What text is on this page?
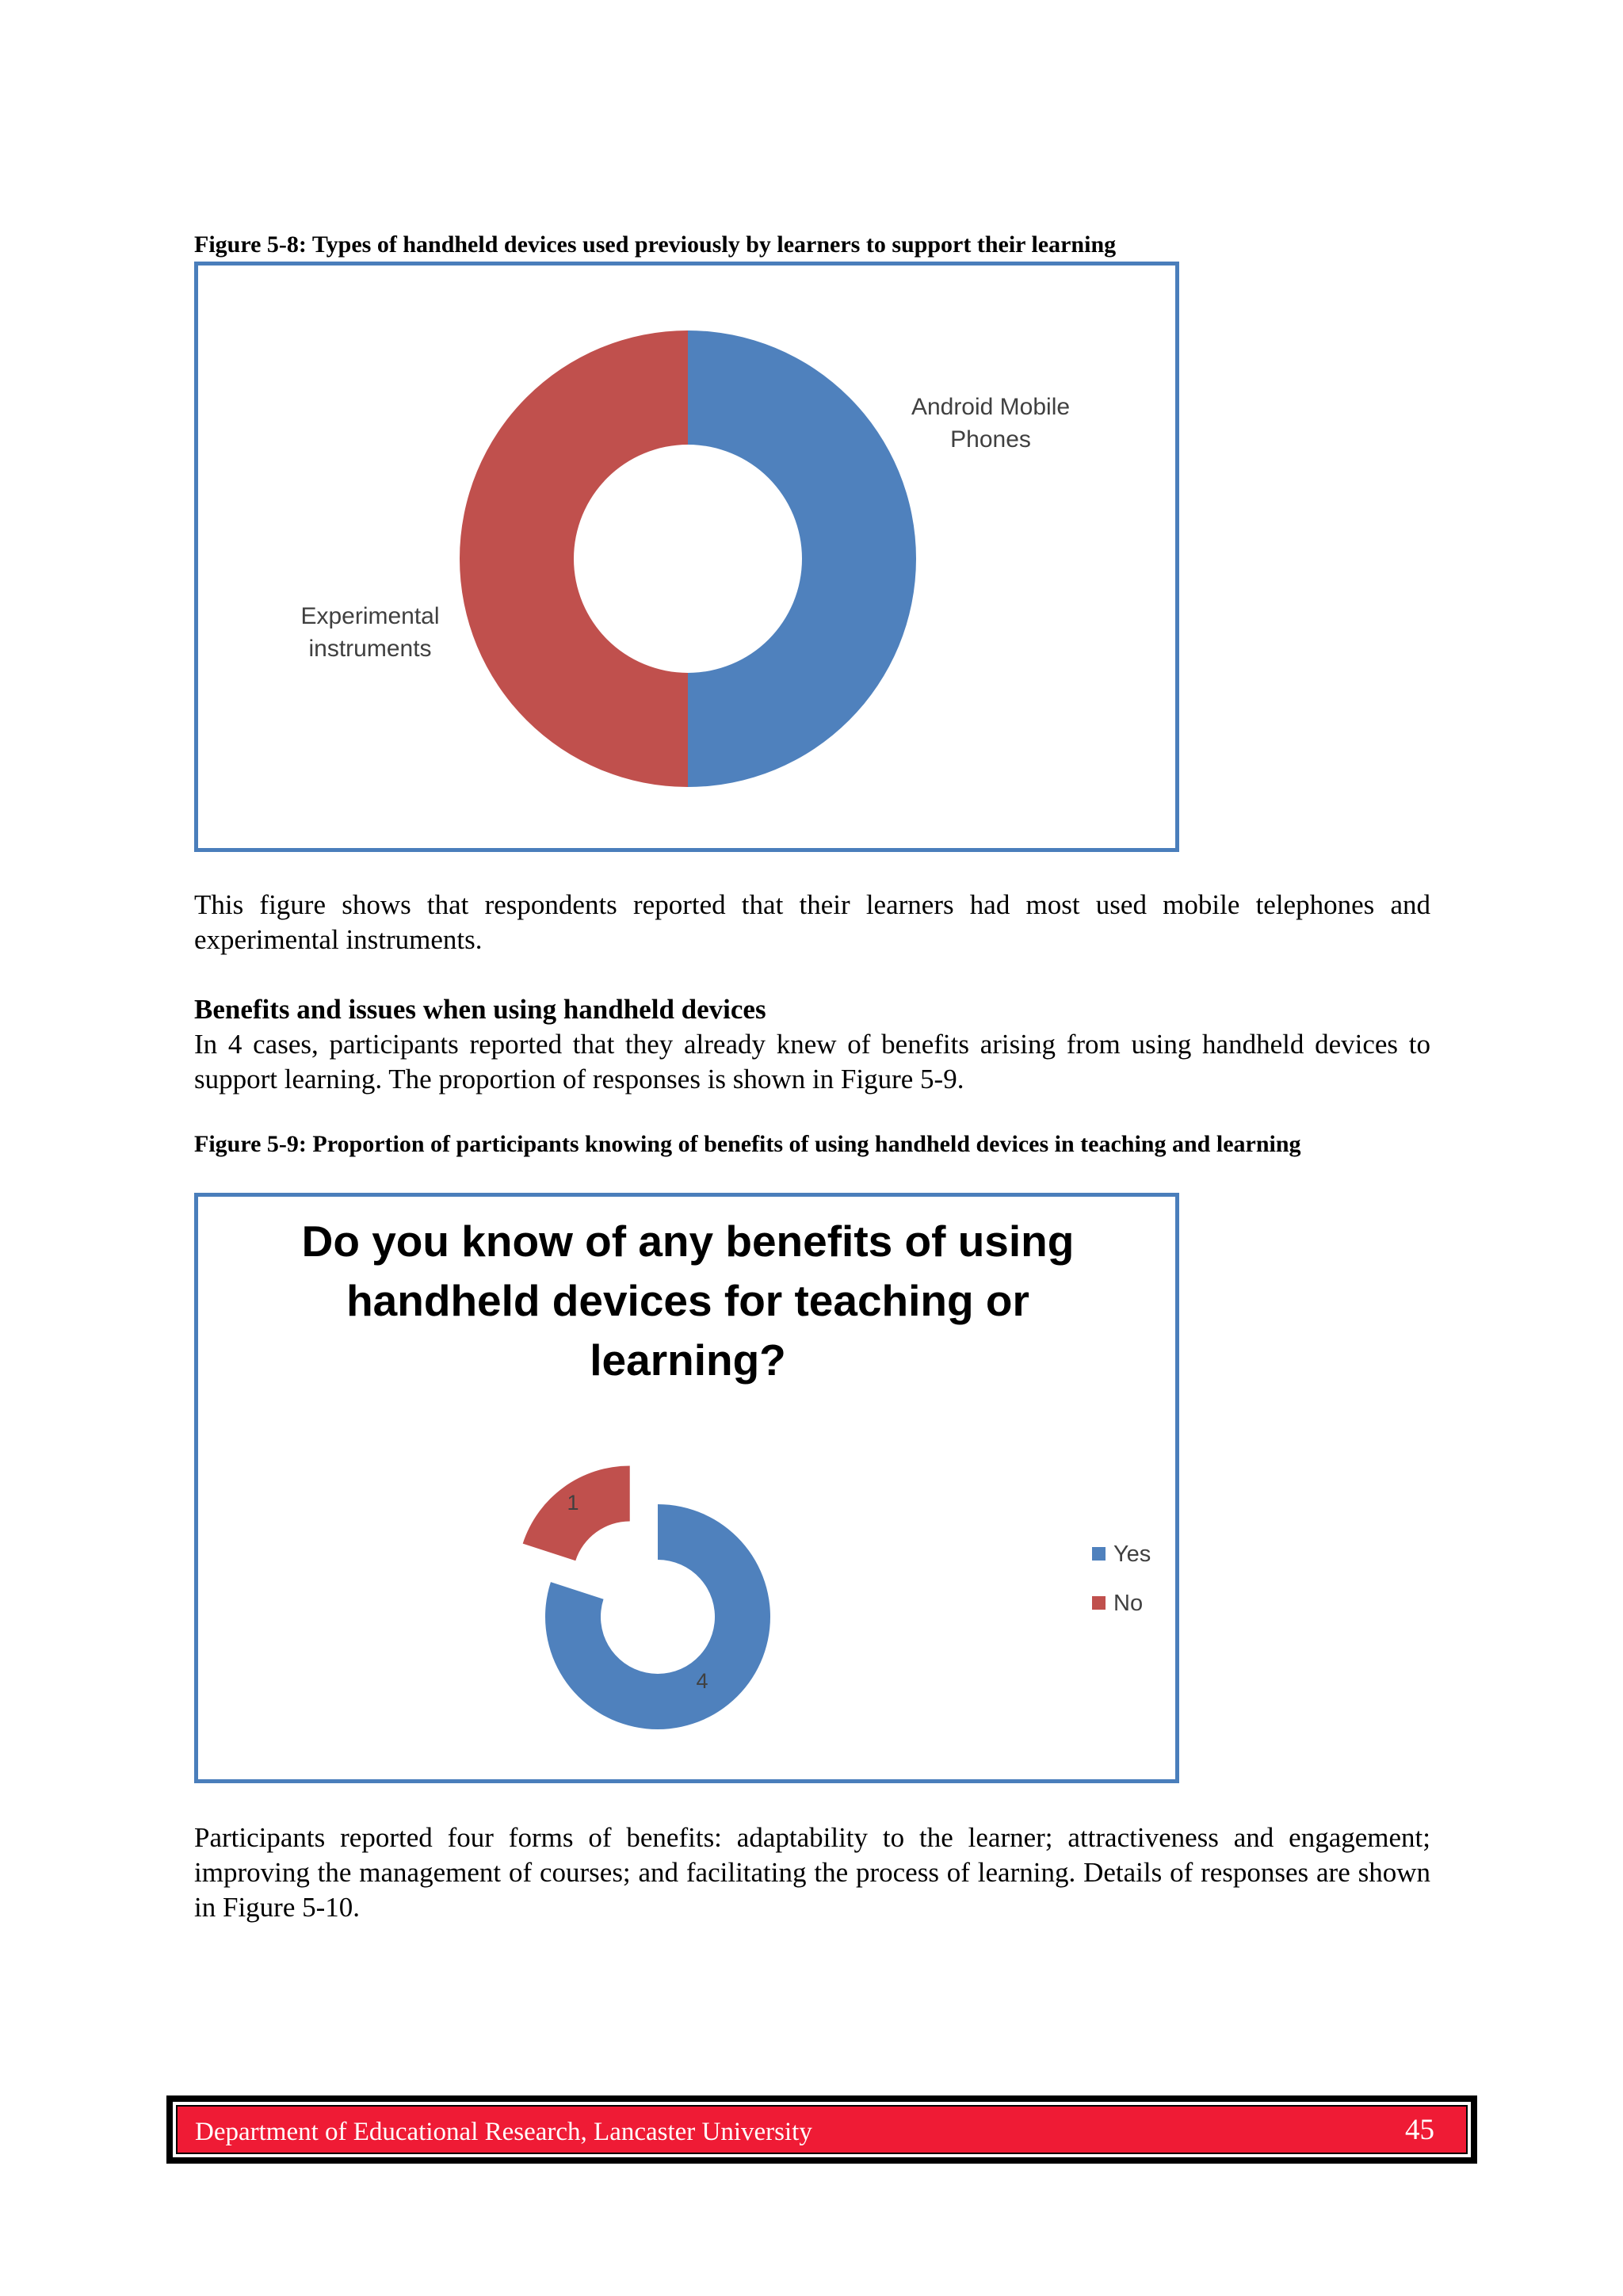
Figure 5-8: Types of handheld devices used previously by learners to support their learning
Android Mobile Phones
Experimental instruments
This figure shows that respondents reported that their learners had most used mobile telephones and experimental instruments.
Benefits and issues when using handheld devices
In 4 cases, participants reported that they already knew of benefits arising from using handheld devices to support learning. The proportion of responses is shown in Figure 5-9.
Figure 5-9: Proportion of participants knowing of benefits of using handheld devices in teaching and learning
Do you know of any benefits of using handheld devices for teaching or learning?
4
1
Yes
No
Participants reported four forms of benefits: adaptability to the learner; attractiveness and engagement; improving the management of courses; and facilitating the process of learning. Details of responses are shown in Figure 5-10.
Department of Educational Research, Lancaster University	45
